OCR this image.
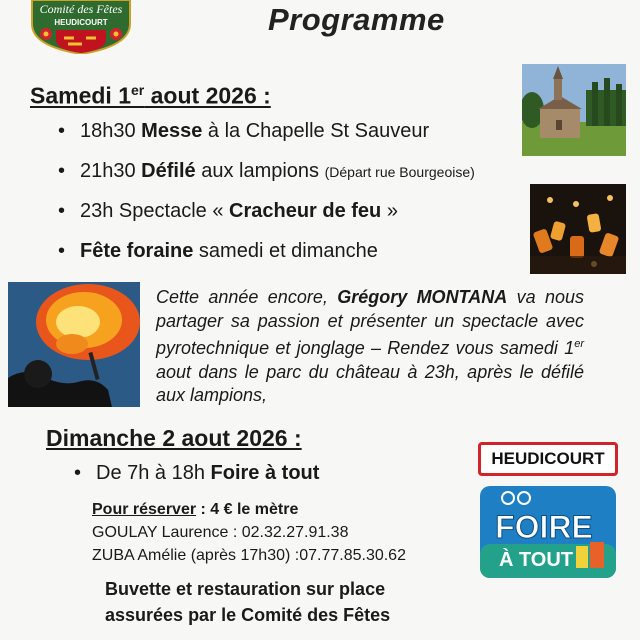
Comité des Fêtes
HEUDICOURT	Programme
Samedi 1er aout 2026 :
• 18h30 Messe à la Chapelle St Sauveur
• 21h30 Défilé aux lampions (Départ rue Bourgeoise)
• 23h Spectacle « Cracheur de feu »
• Fête foraine samedi et dimanche
Cette année encore, Grégory MONTANA va nous partager sa passion et présenter un spectacle avec pyrotechnique et jonglage – Rendez vous samedi 1er aout dans le parc du château à 23h, après le défilé aux lampions,
Dimanche 2 aout 2026 :
• De 7h à 18h Foire à tout
Pour réserver : 4 € le mètre
GOULAY Laurence : 02.32.27.91.38
ZUBA Amélie (après 17h30) :07.77.85.30.62
Buvette et restauration sur place
assurées par le Comité des Fêtes
HEUDICOURT
FOIRE
À TOUT
